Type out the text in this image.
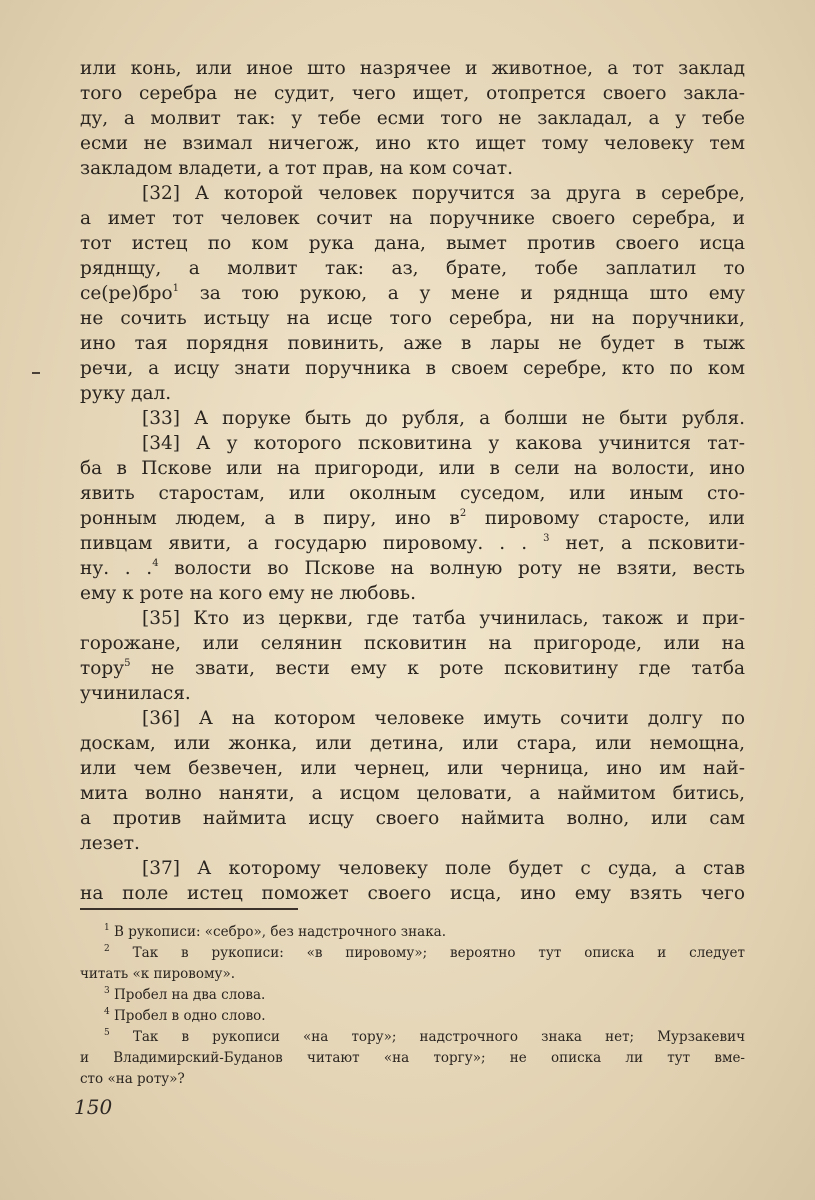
или конь, или иное што назрячее и животное, а тот заклад
того серебра не судит, чего ищет, отопрется своего закла-
ду, а молвит так: у тебе есми того не закладал, а у тебе
есми не взимал ничегож, ино кто ищет тому человеку тем
закладом владети, а тот прав, на ком сочат.
[32] А которой человек поручится за друга в серебре,
а имет тот человек сочит на поручнике своего серебра, и
тот истец по ком рука дана, вымет против своего исца
ряднщу, а молвит так: аз, брате, тобе заплатил то
се(ре)бро$^1$ за тою рукою, а у мене и ряднща што ему
не сочить истьцу на исце того серебра, ни на поручники,
ино тая порядня повинить, аже в лары не будет в тыж
речи, а исцу знати поручника в своем серебре, кто по ком
руку дал.
[33] А поруке быть до рубля, а болши не быти рубля.
[34] А у которого псковитина у какова учинится тат-
ба в Пскове или на пригороди, или в сели на волости, ино
явить старостам, или околным суседом, или иным сто-
ронным людем, а в пиру, ино $в^2$ пировому старосте, или
пивцам явити, а государю пировому. . . $^3$ нет, а псковити-
ну. . .$^4$ волости во Пскове на волную роту не взяти, весть
ему к роте на кого ему не любовь.
[35] Кто из церкви, где татба учинилась, також и при-
горожане, или селянин псковитин на пригороде, или на
тору$^5$ не звати, вести ему к роте псковитину где татба
учинилася.
[36] А на котором человеке имуть сочити долгу по
доскам, или жонка, или детина, или стара, или немощна,
или чем безвечен, или чернец, или черница, ино им най-
мита волно наняти, а исцом целовати, а наймитом битись,
а против наймита исцу своего наймита волно, или сам
лезет.
[37] А которому человеку поле будет с суда, а став
на поле истец поможет своего исца, ино ему взять чего
$^1$ В рукописи: «себро», без надстрочного знака.
$^2$ Так в рукописи: «в пировому»; вероятно тут описка и следует
читать «к пировому».
$^3$ Пробел на два слова.
$^4$ Пробел в одно слово.
$^5$ Так в рукописи «на тору»; надстрочного знака нет; Мурзакевич
и Владимирский-Буданов читают «на торгу»; не описка ли тут вме-
сто «на роту»?
150
